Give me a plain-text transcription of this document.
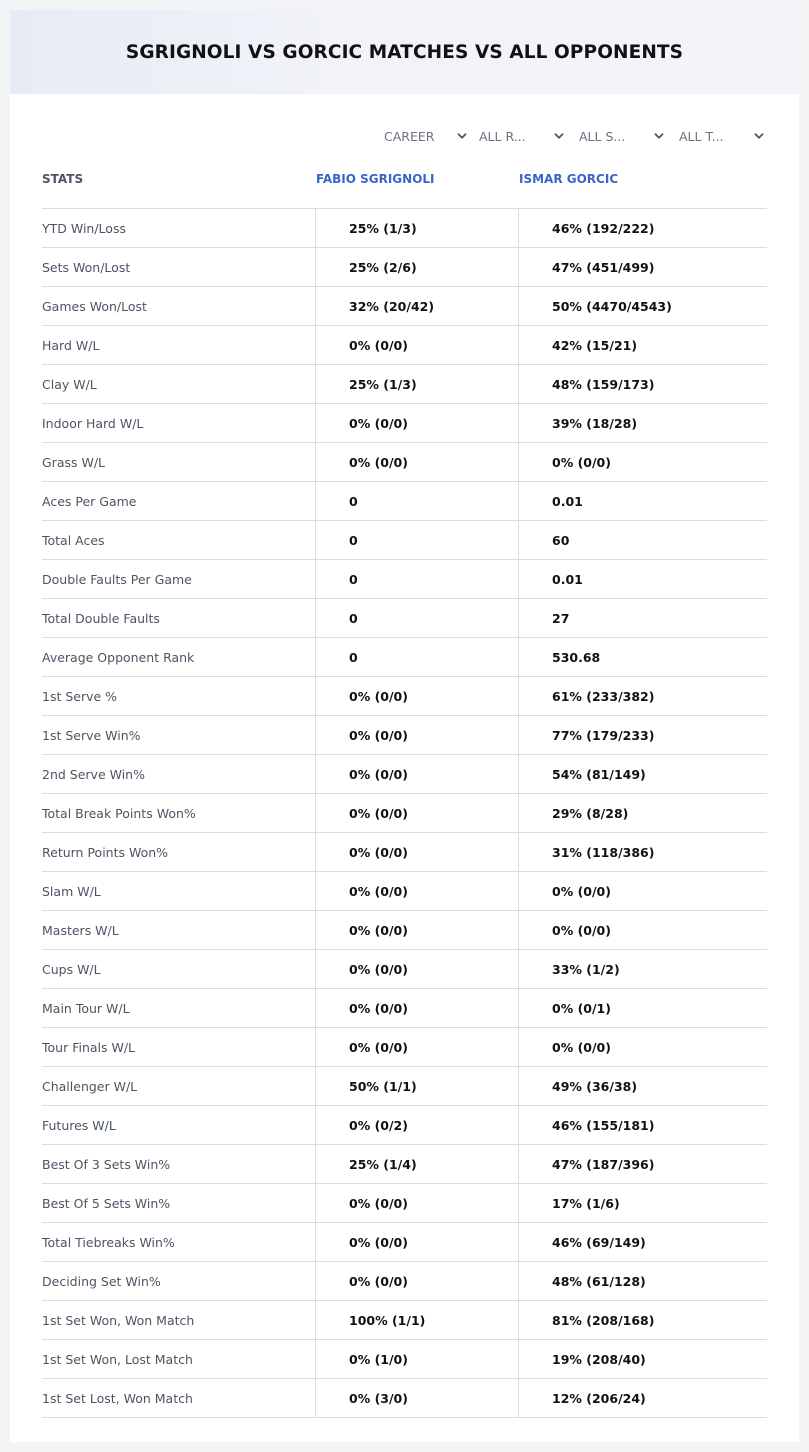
SGRIGNOLI VS GORCIC MATCHES VS ALL OPPONENTS
CAREER	ALL R...	ALL S...	ALL T...
STATS	FABIO SGRIGNOLI	ISMAR GORCIC
YTD Win/Loss	25% (1/3)	46% (192/222)
Sets Won/Lost	25% (2/6)	47% (451/499)
Games Won/Lost	32% (20/42)	50% (4470/4543)
Hard W/L	0% (0/0)	42% (15/21)
Clay W/L	25% (1/3)	48% (159/173)
Indoor Hard W/L	0% (0/0)	39% (18/28)
Grass W/L	0% (0/0)	0% (0/0)
Aces Per Game	0	0.01
Total Aces	0	60
Double Faults Per Game	0	0.01
Total Double Faults	0	27
Average Opponent Rank	0	530.68
1st Serve %	0% (0/0)	61% (233/382)
1st Serve Win%	0% (0/0)	77% (179/233)
2nd Serve Win%	0% (0/0)	54% (81/149)
Total Break Points Won%	0% (0/0)	29% (8/28)
Return Points Won%	0% (0/0)	31% (118/386)
Slam W/L	0% (0/0)	0% (0/0)
Masters W/L	0% (0/0)	0% (0/0)
Cups W/L	0% (0/0)	33% (1/2)
Main Tour W/L	0% (0/0)	0% (0/1)
Tour Finals W/L	0% (0/0)	0% (0/0)
Challenger W/L	50% (1/1)	49% (36/38)
Futures W/L	0% (0/2)	46% (155/181)
Best Of 3 Sets Win%	25% (1/4)	47% (187/396)
Best Of 5 Sets Win%	0% (0/0)	17% (1/6)
Total Tiebreaks Win%	0% (0/0)	46% (69/149)
Deciding Set Win%	0% (0/0)	48% (61/128)
1st Set Won, Won Match	100% (1/1)	81% (208/168)
1st Set Won, Lost Match	0% (1/0)	19% (208/40)
1st Set Lost, Won Match	0% (3/0)	12% (206/24)
